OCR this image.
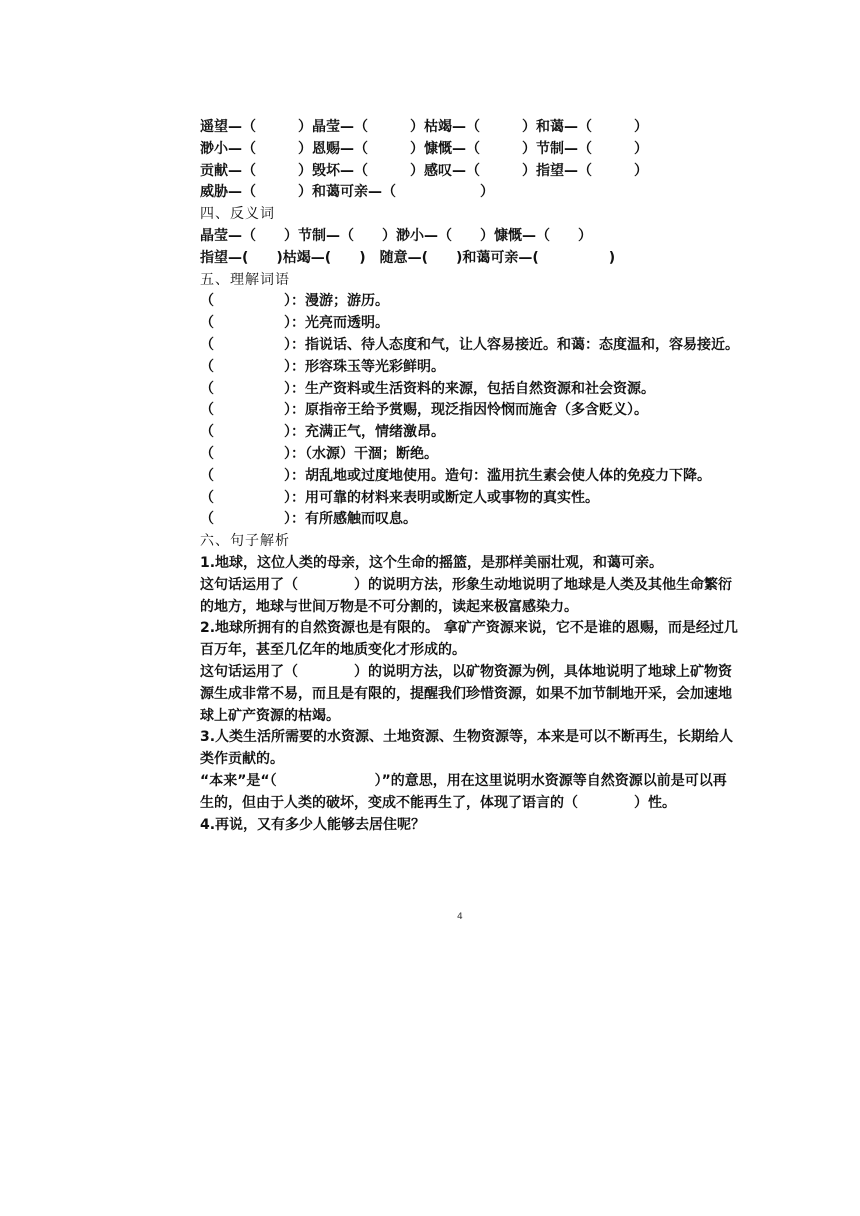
遥望—（　　　）晶莹—（　　　）枯竭—（　　　）和蔼—（　　　）
渺小—（　　　）恩赐—（　　　）慷慨—（　　　）节制—（　　　）
贡献—（　　　）毁坏—（　　　）感叹—（　　　）指望—（　　　）
威胁—（　　　）和蔼可亲—（　　　　　　）
四、反义词
晶莹—（　　）节制—（　　）渺小—（　　）慷慨—（　　）
指望—(　　)枯竭—(　　)　随意—(　　)和蔼可亲—(　　　　　)
五、理解词语
（　　　　　）：漫游；游历。
（　　　　　）：光亮而透明。
（　　　　　）：指说话、待人态度和气，让人容易接近。和蔼：态度温和，容易接近。
（　　　　　）：形容珠玉等光彩鲜明。
（　　　　　）：生产资料或生活资料的来源，包括自然资源和社会资源。
（　　　　　）：原指帝王给予赏赐，现泛指因怜悯而施舍（多含贬义）。
（　　　　　）：充满正气，情绪激昂。
（　　　　　）：（水源）干涸；断绝。
（　　　　　）：胡乱地或过度地使用。造句：滥用抗生素会使人体的免疫力下降。
（　　　　　）：用可靠的材料来表明或断定人或事物的真实性。
（　　　　　）：有所感触而叹息。
六、句子解析
1.地球，这位人类的母亲，这个生命的摇篮，是那样美丽壮观，和蔼可亲。
这句话运用了（　　　　）的说明方法，形象生动地说明了地球是人类及其他生命繁衍的地方，地球与世间万物是不可分割的，读起来极富感染力。
2.地球所拥有的自然资源也是有限的。 拿矿产资源来说，它不是谁的恩赐，而是经过几百万年，甚至几亿年的地质变化才形成的。
这句话运用了（　　　　）的说明方法，以矿物资源为例，具体地说明了地球上矿物资源生成非常不易，而且是有限的，提醒我们珍惜资源，如果不加节制地开采，会加速地球上矿产资源的枯竭。
3.人类生活所需要的水资源、土地资源、生物资源等，本来是可以不断再生，长期给人类作贡献的。
“本来”是“（　　　　　　　）”的意思，用在这里说明水资源等自然资源以前是可以再生的，但由于人类的破坏，变成不能再生了，体现了语言的（　　　　）性。
4.再说，又有多少人能够去居住呢？
4
